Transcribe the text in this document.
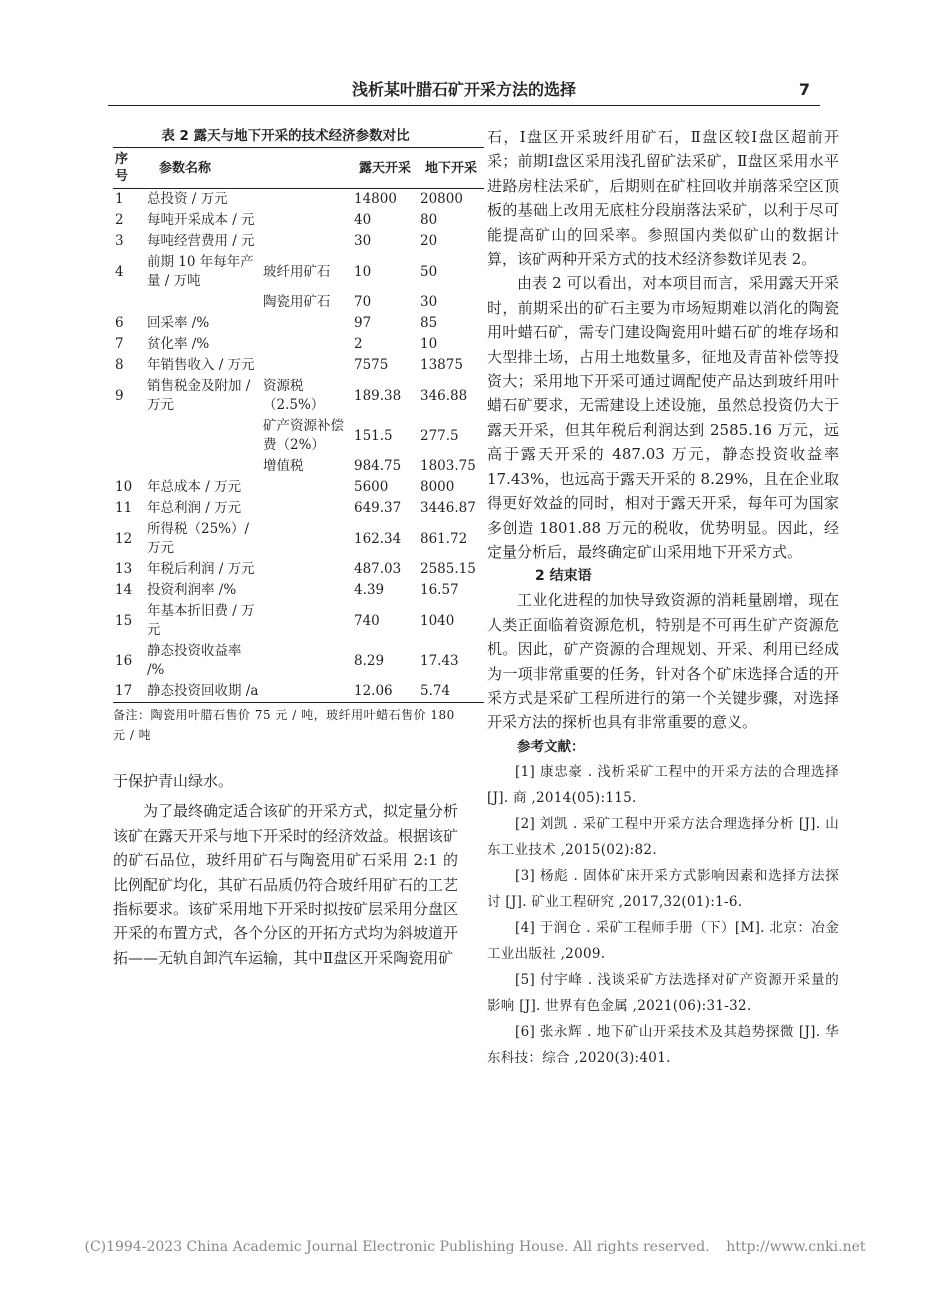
浅析某叶腊石矿开采方法的选择	7
表 2 露天与地下开采的技术经济参数对比
序号	参数名称		露天开采	地下开采
1	总投资 / 万元		14800	20800
2	每吨开采成本 / 元		40	80
3	每吨经营费用 / 元		30	20
4	前期 10 年每年产量 / 万吨	玻纤用矿石	10	50
		陶瓷用矿石	70	30
6	回采率 /%		97	85
7	贫化率 /%		2	10
8	年销售收入 / 万元		7575	13875
9	销售税金及附加 / 万元	资源税（2.5%）	189.38	346.88
		矿产资源补偿费（2%）	151.5	277.5
		增值税	984.75	1803.75
10	年总成本 / 万元		5600	8000
11	年总利润 / 万元		649.37	3446.87
12	所得税（25%）/ 万元		162.34	861.72
13	年税后利润 / 万元		487.03	2585.15
14	投资利润率 /%		4.39	16.57
15	年基本折旧费 / 万元		740	1040
16	静态投资收益率 /%		8.29	17.43
17	静态投资回收期 /a		12.06	5.74
备注：陶瓷用叶腊石售价 75 元 / 吨，玻纤用叶蜡石售价 180 元 / 吨

于保护青山绿水。

为了最终确定适合该矿的开采方式，拟定量分析该矿在露天开采与地下开采时的经济效益。根据该矿的矿石品位，玻纤用矿石与陶瓷用矿石采用 2:1 的比例配矿均化，其矿石品质仍符合玻纤用矿石的工艺指标要求。该矿采用地下开采时拟按矿层采用分盘区开采的布置方式，各个分区的开拓方式均为斜坡道开拓——无轨自卸汽车运输，其中Ⅱ盘区开采陶瓷用矿

石，Ⅰ盘区开采玻纤用矿石，Ⅱ盘区较Ⅰ盘区超前开采；前期Ⅰ盘区采用浅孔留矿法采矿，Ⅱ盘区采用水平进路房柱法采矿，后期则在矿柱回收并崩落采空区顶板的基础上改用无底柱分段崩落法采矿，以利于尽可能提高矿山的回采率。参照国内类似矿山的数据计算，该矿两种开采方式的技术经济参数详见表 2。

由表 2 可以看出，对本项目而言，采用露天开采时，前期采出的矿石主要为市场短期难以消化的陶瓷用叶蜡石矿，需专门建设陶瓷用叶蜡石矿的堆存场和大型排土场，占用土地数量多，征地及青苗补偿等投资大；采用地下开采可通过调配使产品达到玻纤用叶蜡石矿要求，无需建设上述设施，虽然总投资仍大于露天开采，但其年税后利润达到 2585.16 万元，远高于露天开采的 487.03 万元，静态投资收益率 17.43%，也远高于露天开采的 8.29%，且在企业取得更好效益的同时，相对于露天开采，每年可为国家多创造 1801.88 万元的税收，优势明显。因此，经定量分析后，最终确定矿山采用地下开采方式。

2 结束语

工业化进程的加快导致资源的消耗量剧增，现在人类正面临着资源危机，特别是不可再生矿产资源危机。因此，矿产资源的合理规划、开采、利用已经成为一项非常重要的任务，针对各个矿床选择合适的开采方式是采矿工程所进行的第一个关键步骤，对选择开采方法的探析也具有非常重要的意义。

参考文献：

[1] 康忠豪 . 浅析采矿工程中的开采方法的合理选择 [J]. 商 ,2014(05):115.

[2] 刘凯 . 采矿工程中开采方法合理选择分析 [J]. 山东工业技术 ,2015(02):82.

[3] 杨彪 . 固体矿床开采方式影响因素和选择方法探讨 [J]. 矿业工程研究 ,2017,32(01):1-6.

[4] 于润仓 . 采矿工程师手册（下）[M]. 北京：冶金工业出版社 ,2009.

[5] 付宇峰 . 浅谈采矿方法选择对矿产资源开采量的影响 [J]. 世界有色金属 ,2021(06):31-32.

[6] 张永辉 . 地下矿山开采技术及其趋势探微 [J]. 华东科技：综合 ,2020(3):401.

(C)1994-2023 China Academic Journal Electronic Publishing House. All rights reserved. http://www.cnki.net
